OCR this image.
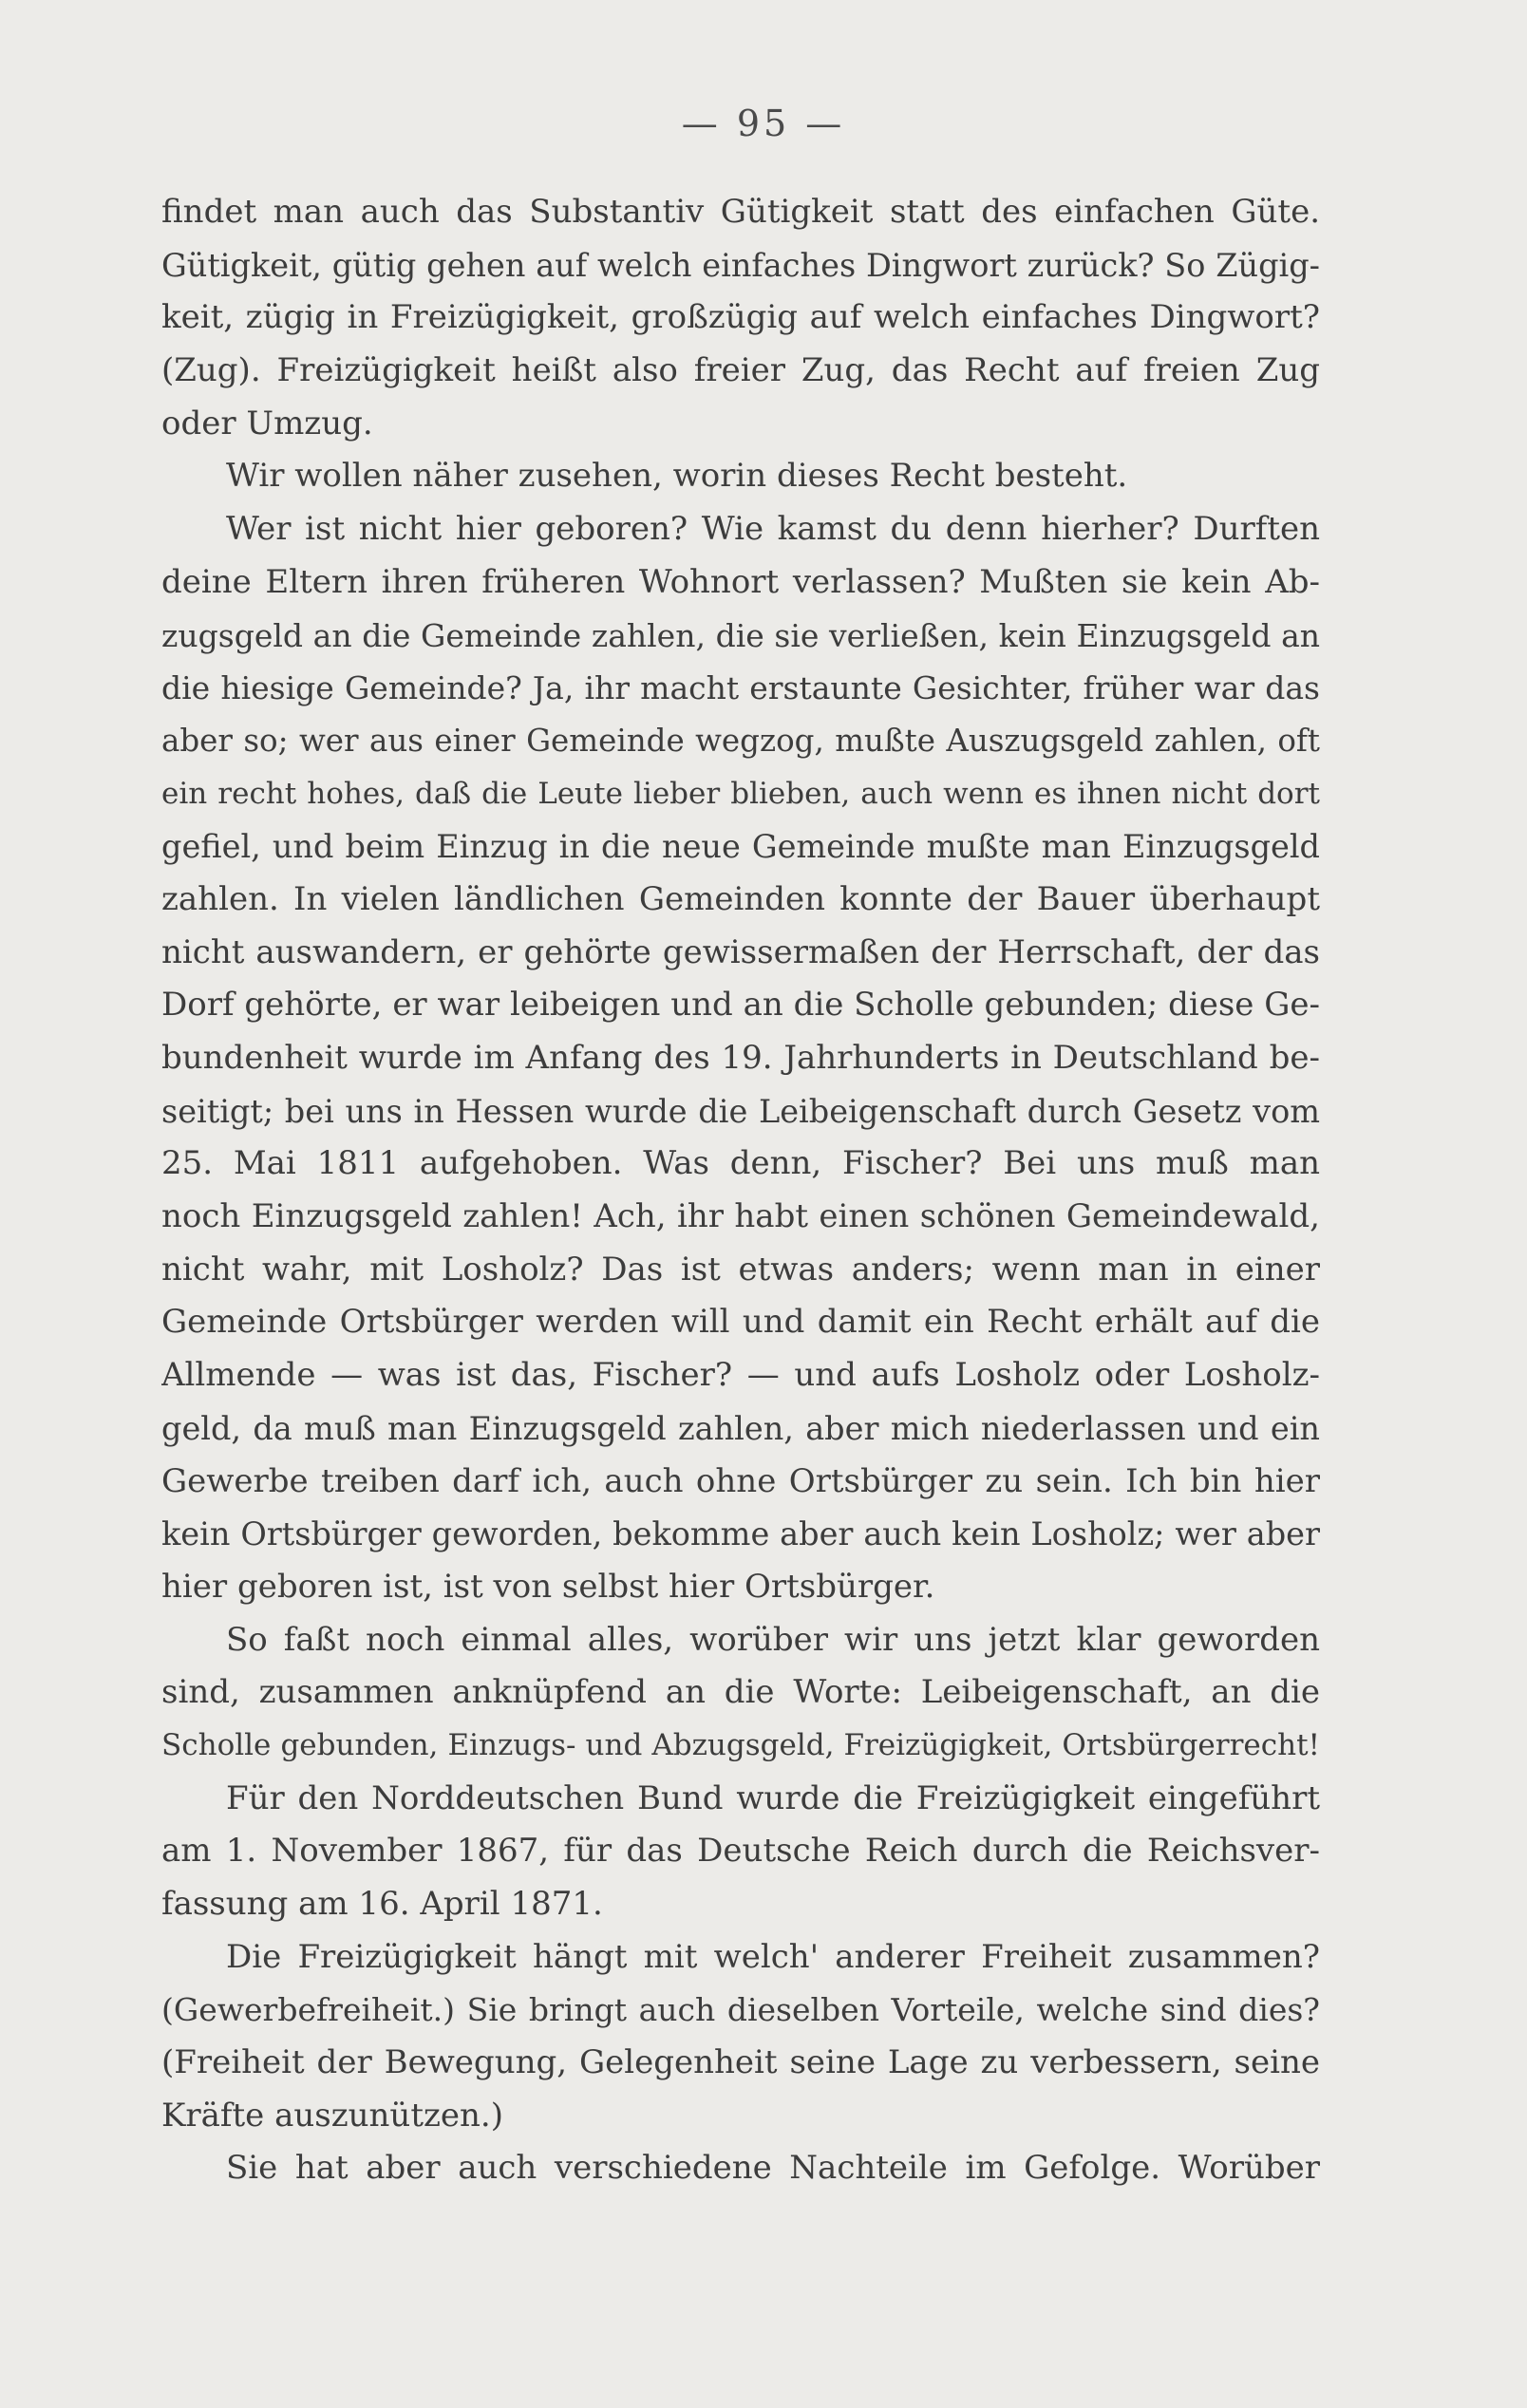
— 95 —
findet man auch das Substantiv Gütigkeit statt des einfachen Güte.
Gütigkeit, gütig gehen auf welch einfaches Dingwort zurück? So Zügig-
keit, zügig in Freizügigkeit, großzügig auf welch einfaches Dingwort?
(Zug). Freizügigkeit heißt also freier Zug, das Recht auf freien Zug
oder Umzug.
Wir wollen näher zusehen, worin dieses Recht besteht.
Wer ist nicht hier geboren? Wie kamst du denn hierher? Durften
deine Eltern ihren früheren Wohnort verlassen? Mußten sie kein Ab-
zugsgeld an die Gemeinde zahlen, die sie verließen, kein Einzugsgeld an
die hiesige Gemeinde? Ja, ihr macht erstaunte Gesichter, früher war das
aber so; wer aus einer Gemeinde wegzog, mußte Auszugsgeld zahlen, oft
ein recht hohes, daß die Leute lieber blieben, auch wenn es ihnen nicht dort
gefiel, und beim Einzug in die neue Gemeinde mußte man Einzugsgeld
zahlen. In vielen ländlichen Gemeinden konnte der Bauer überhaupt
nicht auswandern, er gehörte gewissermaßen der Herrschaft, der das
Dorf gehörte, er war leibeigen und an die Scholle gebunden; diese Ge-
bundenheit wurde im Anfang des 19. Jahrhunderts in Deutschland be-
seitigt; bei uns in Hessen wurde die Leibeigenschaft durch Gesetz vom
25. Mai 1811 aufgehoben. Was denn, Fischer? Bei uns muß man
noch Einzugsgeld zahlen! Ach, ihr habt einen schönen Gemeindewald,
nicht wahr, mit Losholz? Das ist etwas anders; wenn man in einer
Gemeinde Ortsbürger werden will und damit ein Recht erhält auf die
Allmende — was ist das, Fischer? — und aufs Losholz oder Losholz-
geld, da muß man Einzugsgeld zahlen, aber mich niederlassen und ein
Gewerbe treiben darf ich, auch ohne Ortsbürger zu sein. Ich bin hier
kein Ortsbürger geworden, bekomme aber auch kein Losholz; wer aber
hier geboren ist, ist von selbst hier Ortsbürger.
So faßt noch einmal alles, worüber wir uns jetzt klar geworden
sind, zusammen anknüpfend an die Worte: Leibeigenschaft, an die
Scholle gebunden, Einzugs- und Abzugsgeld, Freizügigkeit, Ortsbürgerrecht!
Für den Norddeutschen Bund wurde die Freizügigkeit eingeführt
am 1. November 1867, für das Deutsche Reich durch die Reichsver-
fassung am 16. April 1871.
Die Freizügigkeit hängt mit welch' anderer Freiheit zusammen?
(Gewerbefreiheit.) Sie bringt auch dieselben Vorteile, welche sind dies?
(Freiheit der Bewegung, Gelegenheit seine Lage zu verbessern, seine
Kräfte auszunützen.)
Sie hat aber auch verschiedene Nachteile im Gefolge. Worüber
